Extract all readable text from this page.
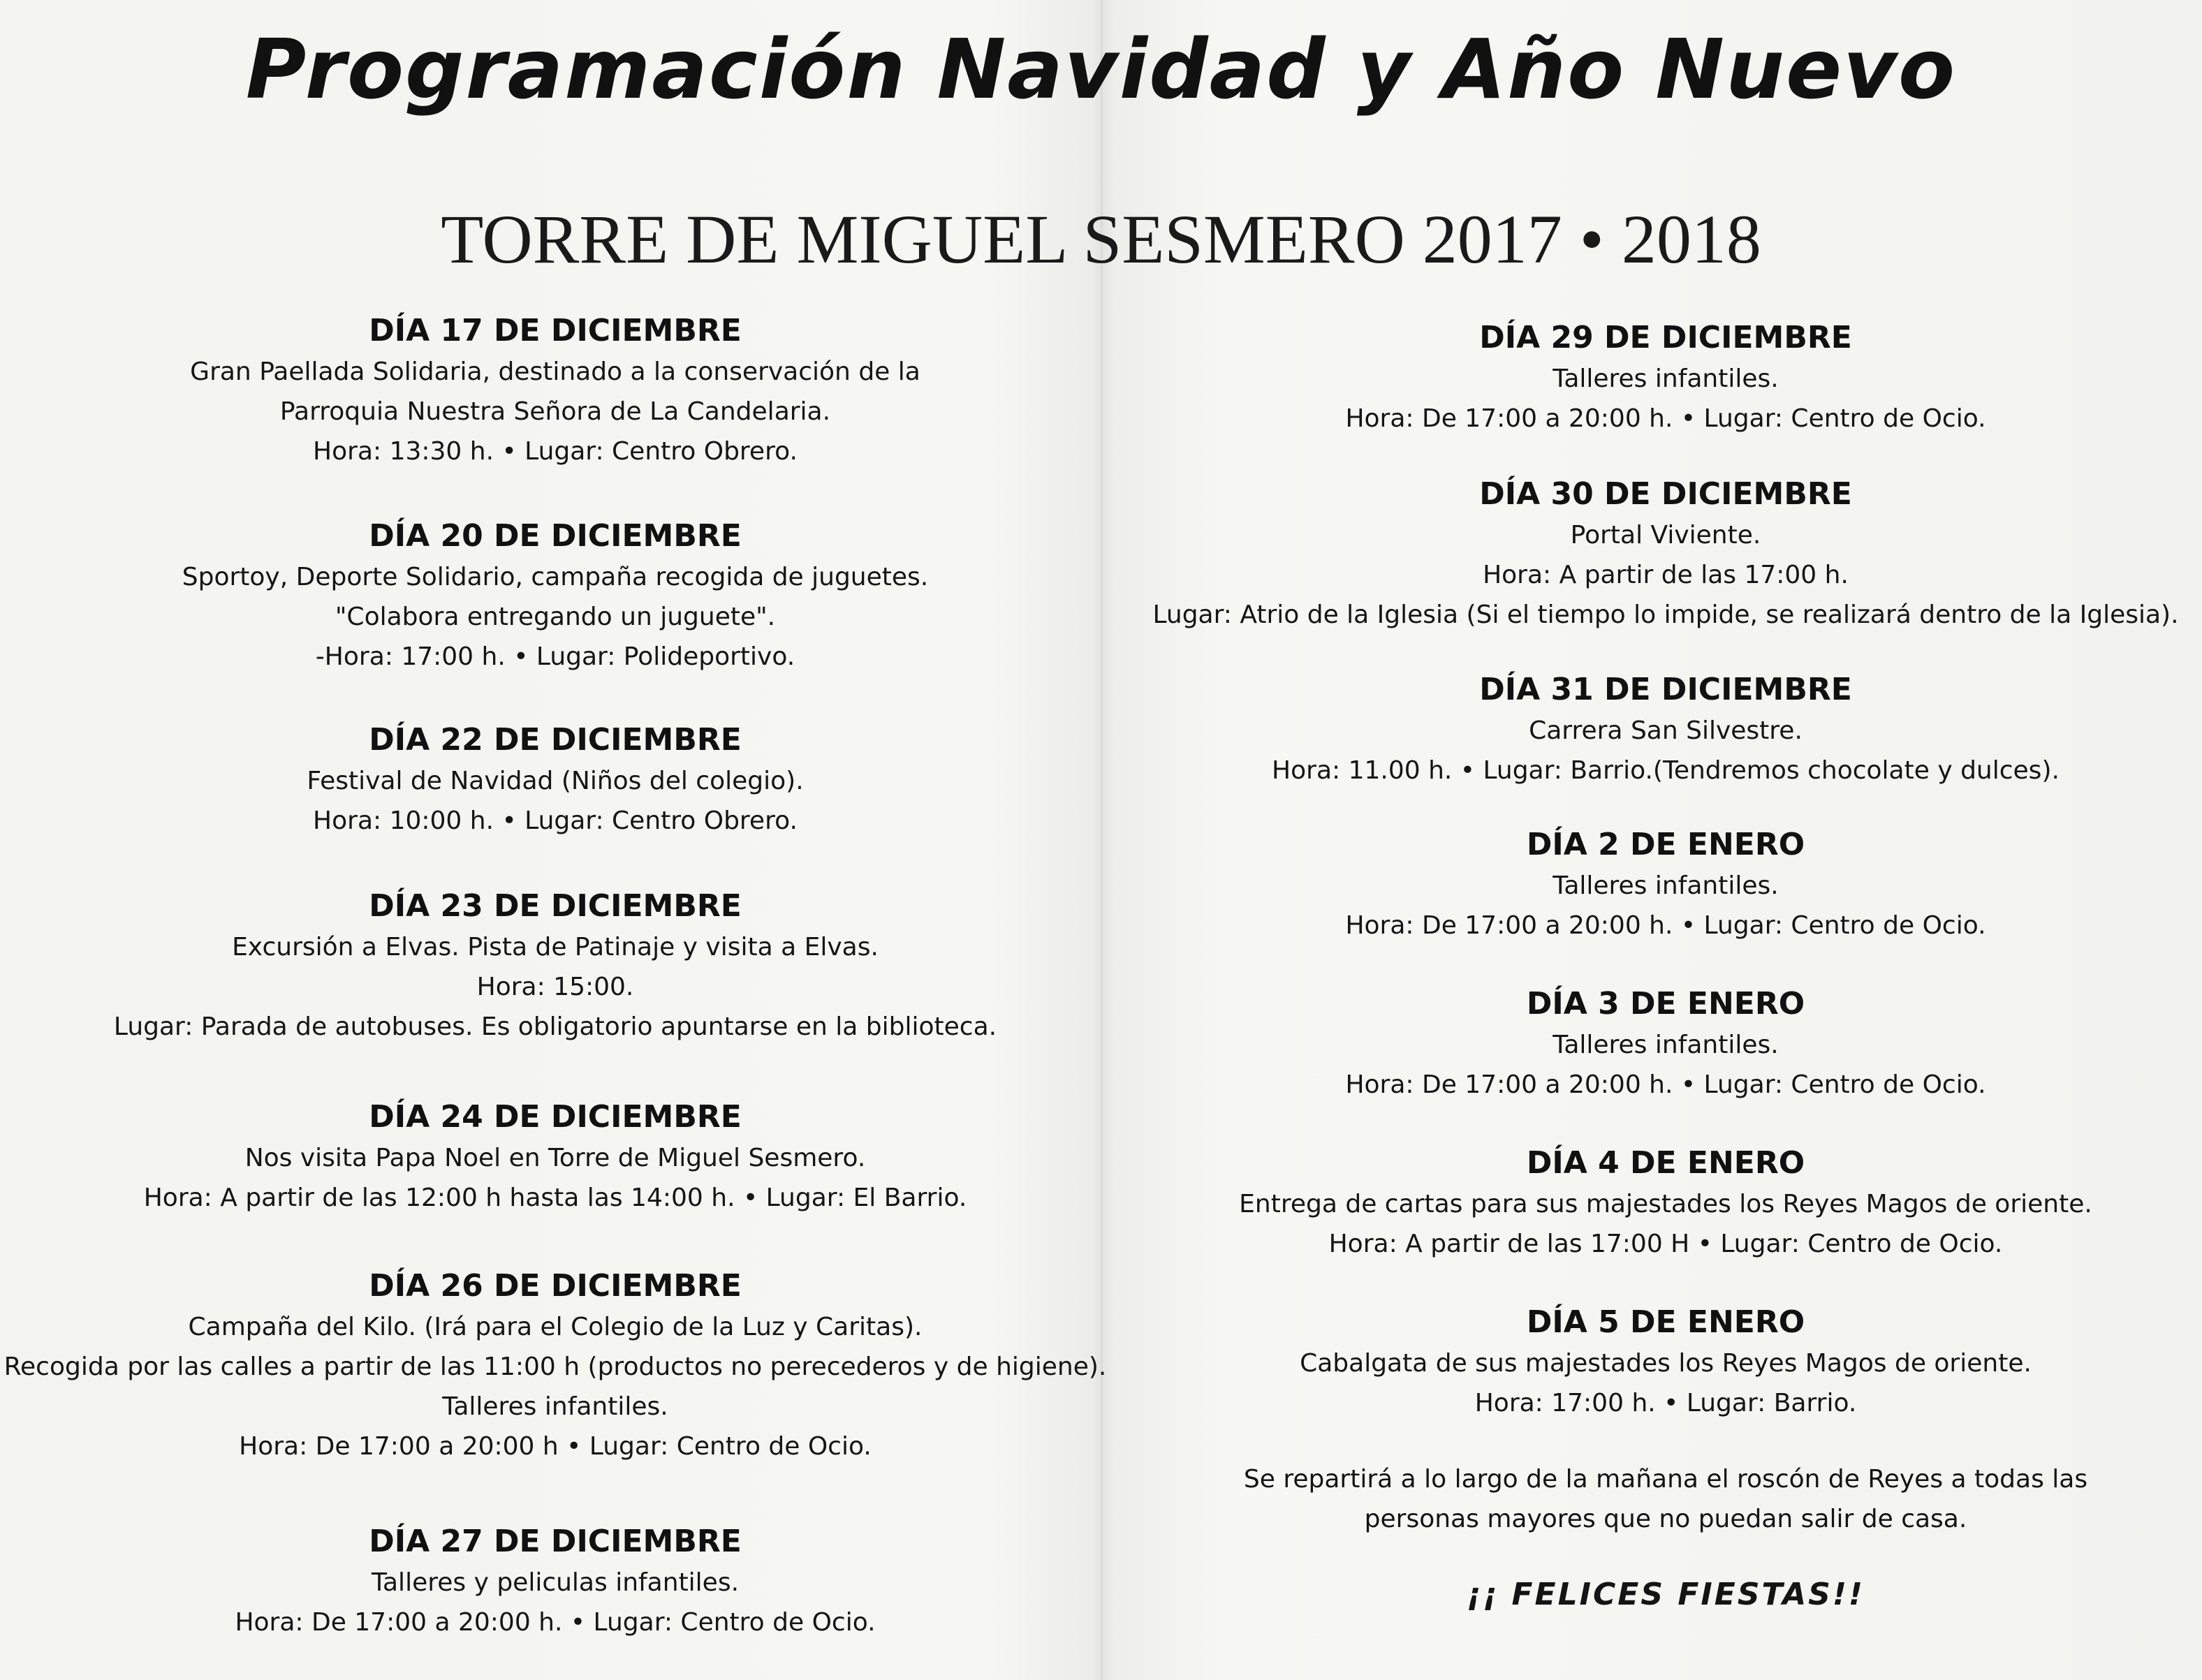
Programación Navidad y Año Nuevo
TORRE DE MIGUEL SESMERO 2017 • 2018
DÍA 17 DE DICIEMBRE
Gran Paellada Solidaria, destinado a la conservación de la
Parroquia Nuestra Señora de La Candelaria.
Hora: 13:30 h. • Lugar: Centro Obrero.
DÍA 20 DE DICIEMBRE
Sportoy, Deporte Solidario, campaña recogida de juguetes.
"Colabora entregando un juguete".
-Hora: 17:00 h. • Lugar: Polideportivo.
DÍA 22 DE DICIEMBRE
Festival de Navidad (Niños del colegio).
Hora: 10:00 h. • Lugar: Centro Obrero.
DÍA 23 DE DICIEMBRE
Excursión a Elvas. Pista de Patinaje y visita a Elvas.
Hora: 15:00.
Lugar: Parada de autobuses. Es obligatorio apuntarse en la biblioteca.
DÍA 24 DE DICIEMBRE
Nos visita Papa Noel en Torre de Miguel Sesmero.
Hora: A partir de las 12:00 h hasta las 14:00 h. • Lugar: El Barrio.
DÍA 26 DE DICIEMBRE
Campaña del Kilo. (Irá para el Colegio de la Luz y Caritas).
Recogida por las calles a partir de las 11:00 h (productos no perecederos y de higiene).
Talleres infantiles.
Hora: De 17:00 a 20:00 h • Lugar: Centro de Ocio.
DÍA 27 DE DICIEMBRE
Talleres y peliculas infantiles.
Hora: De 17:00 a 20:00 h. • Lugar: Centro de Ocio.
DÍA 29 DE DICIEMBRE
Talleres infantiles.
Hora: De 17:00 a 20:00 h. • Lugar: Centro de Ocio.
DÍA 30 DE DICIEMBRE
Portal Viviente.
Hora: A partir de las 17:00 h.
Lugar: Atrio de la Iglesia (Si el tiempo lo impide, se realizará dentro de la Iglesia).
DÍA 31 DE DICIEMBRE
Carrera San Silvestre.
Hora: 11.00 h. • Lugar: Barrio.(Tendremos chocolate y dulces).
DÍA 2 DE ENERO
Talleres infantiles.
Hora: De 17:00 a 20:00 h. • Lugar: Centro de Ocio.
DÍA 3 DE ENERO
Talleres infantiles.
Hora: De 17:00 a 20:00 h. • Lugar: Centro de Ocio.
DÍA 4 DE ENERO
Entrega de cartas para sus majestades los Reyes Magos de oriente.
Hora: A partir de las 17:00 H • Lugar: Centro de Ocio.
DÍA 5 DE ENERO
Cabalgata de sus majestades los Reyes Magos de oriente.
Hora: 17:00 h. • Lugar: Barrio.
Se repartirá a lo largo de la mañana el roscón de Reyes a todas las
personas mayores que no puedan salir de casa.
¡¡ FELICES FIESTAS!!
